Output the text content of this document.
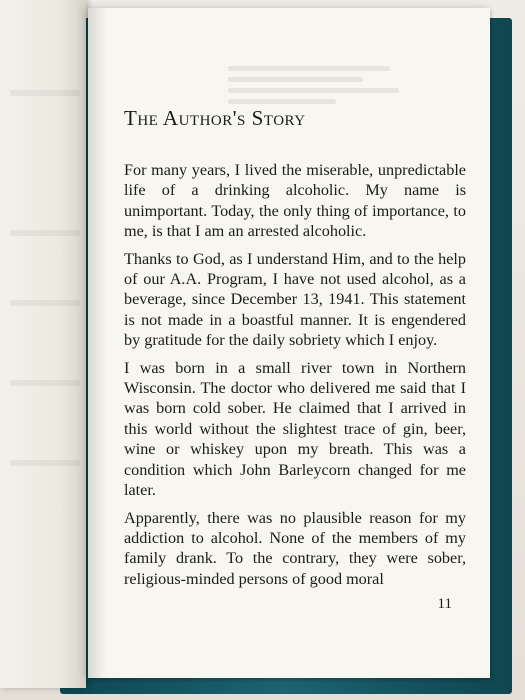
The Author's Story

For many years, I lived the miserable, unpredictable life of a drinking alcoholic. My name is unimportant. Today, the only thing of importance, to me, is that I am an arrested alcoholic.

Thanks to God, as I understand Him, and to the help of our A.A. Program, I have not used alcohol, as a beverage, since December 13, 1941. This statement is not made in a boastful manner. It is engendered by gratitude for the daily sobriety which I enjoy.

I was born in a small river town in Northern Wisconsin. The doctor who delivered me said that I was born cold sober. He claimed that I arrived in this world without the slightest trace of gin, beer, wine or whiskey upon my breath. This was a condition which John Barleycorn changed for me later.

Apparently, there was no plausible reason for my addiction to alcohol. None of the members of my family drank. To the contrary, they were sober, religious-minded persons of good moral

11
